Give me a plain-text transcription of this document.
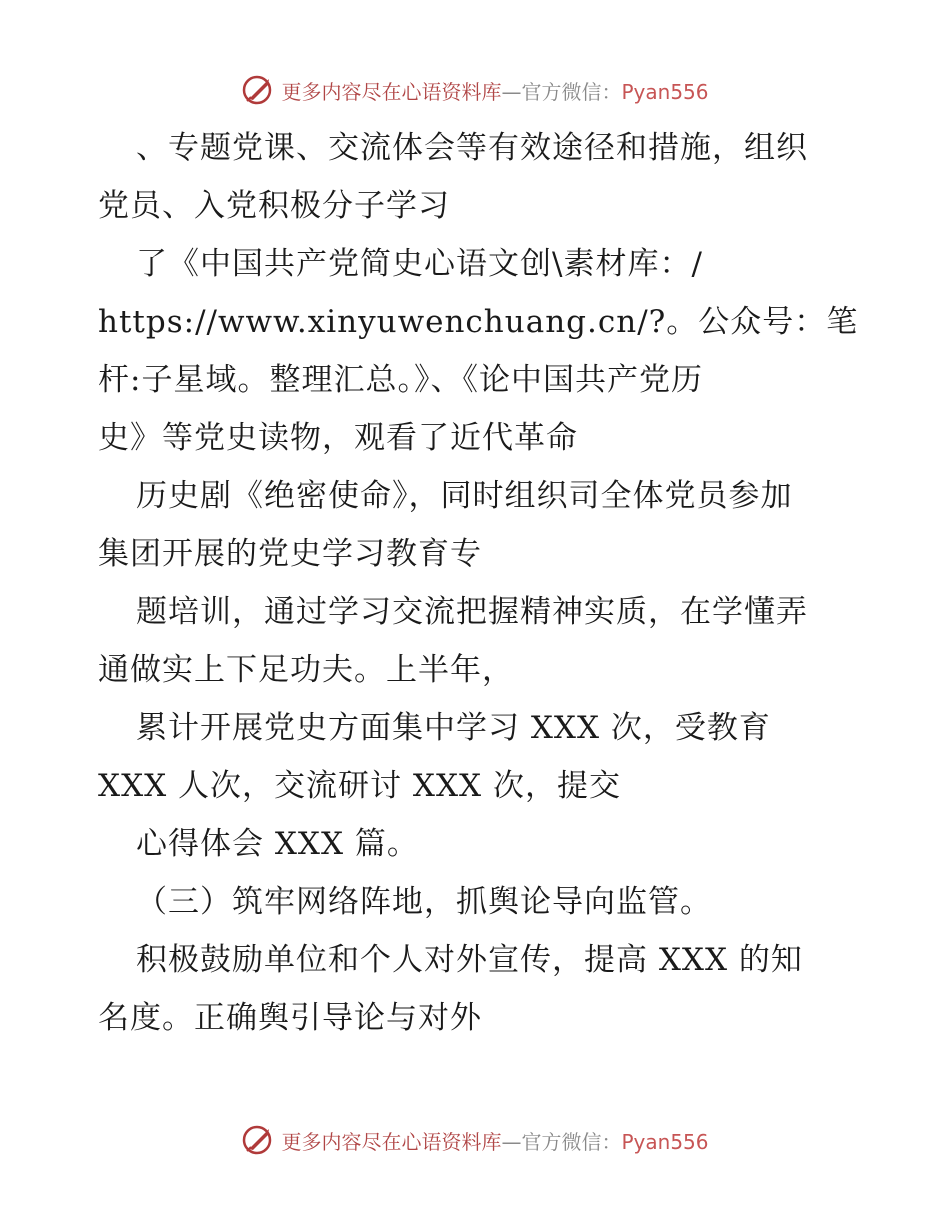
更多内容尽在心语资料库—官方微信：Pyan556
、专题党课、交流体会等有效途径和措施，组织
党员、入党积极分子学习
了《中国共产党简史心语文创\素材库：/
https://www.xinyuwenchuang.cn/?。公众号：笔
杆:子星域。整理汇总。》、《论中国共产党历
史》等党史读物，观看了近代革命
历史剧《绝密使命》，同时组织司全体党员参加
集团开展的党史学习教育专
题培训，通过学习交流把握精神实质，在学懂弄
通做实上下足功夫。上半年，
累计开展党史方面集中学习 XXX 次，受教育
XXX 人次，交流研讨 XXX 次，提交
心得体会 XXX 篇。
（三）筑牢网络阵地，抓舆论导向监管。
积极鼓励单位和个人对外宣传，提高 XXX 的知
名度。正确舆引导论与对外
更多内容尽在心语资料库—官方微信：Pyan556
